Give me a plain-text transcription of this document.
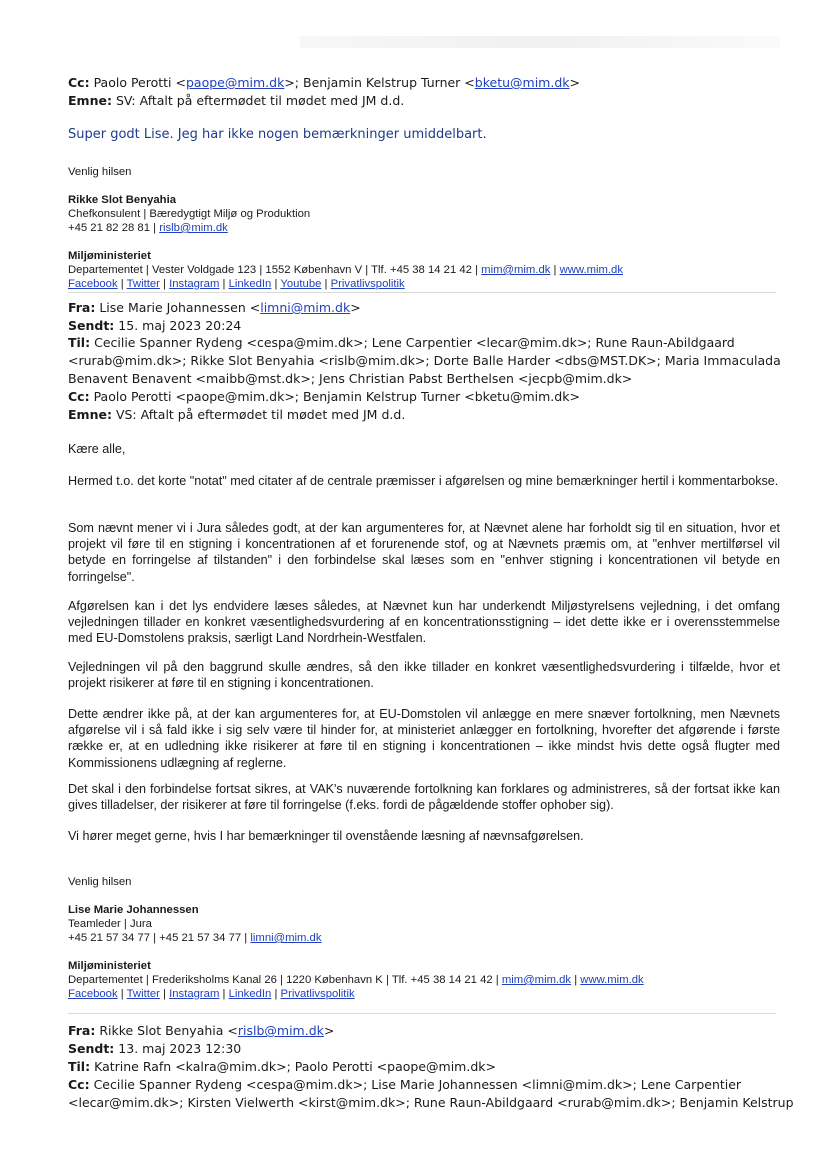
Cc: Paolo Perotti <paope@mim.dk>; Benjamin Kelstrup Turner <bketu@mim.dk>
Emne: SV: Aftalt på eftermødet til mødet med JM d.d.
Super godt Lise. Jeg har ikke nogen bemærkninger umiddelbart.
Venlig hilsen
Rikke Slot Benyahia
Chefkonsulent | Bæredygtigt Miljø og Produktion
+45 21 82 28 81 | rislb@mim.dk
Miljøministeriet
Departementet | Vester Voldgade 123 | 1552 København V | Tlf. +45 38 14 21 42 | mim@mim.dk | www.mim.dk
Facebook | Twitter | Instagram | LinkedIn | Youtube | Privatlivspolitik
Fra: Lise Marie Johannessen <limni@mim.dk>
Sendt: 15. maj 2023 20:24
Til: Cecilie Spanner Rydeng <cespa@mim.dk>; Lene Carpentier <lecar@mim.dk>; Rune Raun-Abildgaard
<rurab@mim.dk>; Rikke Slot Benyahia <rislb@mim.dk>; Dorte Balle Harder <dbs@MST.DK>; Maria Immaculada
Benavent Benavent <maibb@mst.dk>; Jens Christian Pabst Berthelsen <jecpb@mim.dk>
Cc: Paolo Perotti <paope@mim.dk>; Benjamin Kelstrup Turner <bketu@mim.dk>
Emne: VS: Aftalt på eftermødet til mødet med JM d.d.
Kære alle,
Hermed t.o. det korte "notat" med citater af de centrale præmisser i afgørelsen og mine bemærkninger hertil i kommentarbokse.
Som nævnt mener vi i Jura således godt, at der kan argumenteres for, at Nævnet alene har forholdt sig til en situation, hvor et projekt vil føre til en stigning i koncentrationen af et forurenende stof, og at Nævnets præmis om, at "enhver mertilførsel vil betyde en forringelse af tilstanden" i den forbindelse skal læses som en "enhver stigning i koncentrationen vil betyde en forringelse".
Afgørelsen kan i det lys endvidere læses således, at Nævnet kun har underkendt Miljøstyrelsens vejledning, i det omfang vejledningen tillader en konkret væsentlighedsvurdering af en koncentrationsstigning – idet dette ikke er i overensstemmelse med EU-Domstolens praksis, særligt Land Nordrhein-Westfalen.
Vejledningen vil på den baggrund skulle ændres, så den ikke tillader en konkret væsentlighedsvurdering i tilfælde, hvor et projekt risikerer at føre til en stigning i koncentrationen.
Dette ændrer ikke på, at der kan argumenteres for, at EU-Domstolen vil anlægge en mere snæver fortolkning, men Nævnets afgørelse vil i så fald ikke i sig selv være til hinder for, at ministeriet anlægger en fortolkning, hvorefter det afgørende i første række er, at en udledning ikke risikerer at føre til en stigning i koncentrationen – ikke mindst hvis dette også flugter med Kommissionens udlægning af reglerne.
Det skal i den forbindelse fortsat sikres, at VAK's nuværende fortolkning kan forklares og administreres, så der fortsat ikke kan gives tilladelser, der risikerer at føre til forringelse (f.eks. fordi de pågældende stoffer ophober sig).
Vi hører meget gerne, hvis I har bemærkninger til ovenstående læsning af nævnsafgørelsen.
Venlig hilsen
Lise Marie Johannessen
Teamleder | Jura
+45 21 57 34 77 | +45 21 57 34 77 | limni@mim.dk
Miljøministeriet
Departementet | Frederiksholms Kanal 26 | 1220 København K | Tlf. +45 38 14 21 42 | mim@mim.dk | www.mim.dk
Facebook | Twitter | Instagram | LinkedIn | Privatlivspolitik
Fra: Rikke Slot Benyahia <rislb@mim.dk>
Sendt: 13. maj 2023 12:30
Til: Katrine Rafn <kalra@mim.dk>; Paolo Perotti <paope@mim.dk>
Cc: Cecilie Spanner Rydeng <cespa@mim.dk>; Lise Marie Johannessen <limni@mim.dk>; Lene Carpentier
<lecar@mim.dk>; Kirsten Vielwerth <kirst@mim.dk>; Rune Raun-Abildgaard <rurab@mim.dk>; Benjamin Kelstrup
